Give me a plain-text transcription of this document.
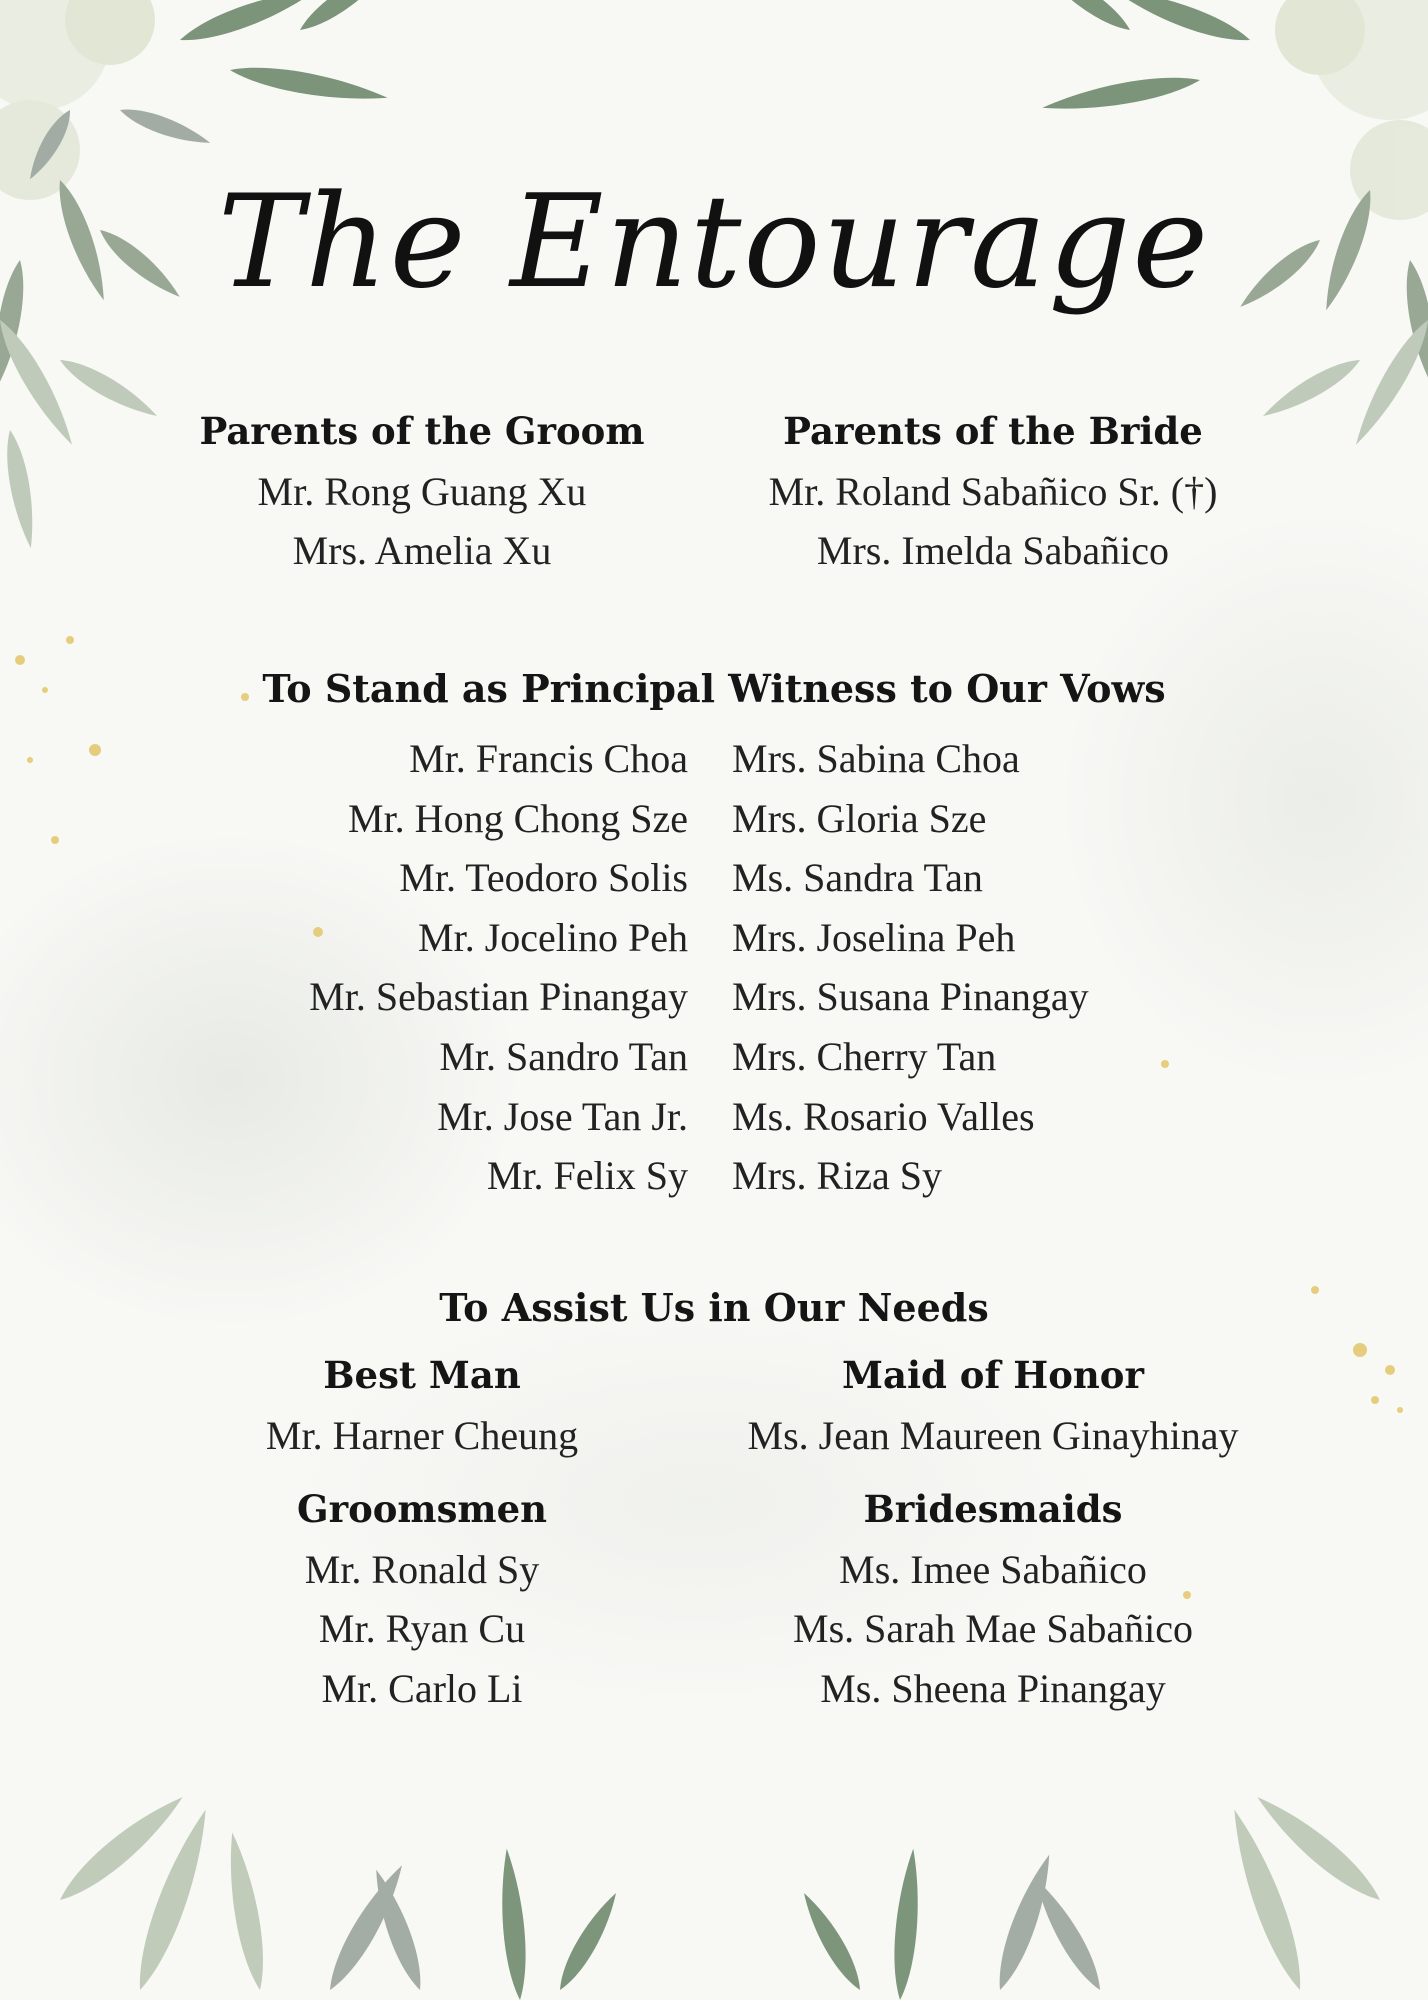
The Entourage
Parents of the Groom
Mr. Rong Guang Xu
Mrs. Amelia Xu
Parents of the Bride
Mr. Roland Sabañico Sr. (†)
Mrs. Imelda Sabañico
To Stand as Principal Witness to Our Vows
Mr. Francis Choa
Mr. Hong Chong Sze
Mr. Teodoro Solis
Mr. Jocelino Peh
Mr. Sebastian Pinangay
Mr. Sandro Tan
Mr. Jose Tan Jr.
Mr. Felix Sy
Mrs. Sabina Choa
Mrs. Gloria Sze
Ms. Sandra Tan
Mrs. Joselina Peh
Mrs. Susana Pinangay
Mrs. Cherry Tan
Ms. Rosario Valles
Mrs. Riza Sy
To Assist Us in Our Needs
Best Man
Mr. Harner Cheung
Maid of Honor
Ms. Jean Maureen Ginayhinay
Groomsmen
Mr. Ronald Sy
Mr. Ryan Cu
Mr. Carlo Li
Bridesmaids
Ms. Imee Sabañico
Ms. Sarah Mae Sabañico
Ms. Sheena Pinangay
